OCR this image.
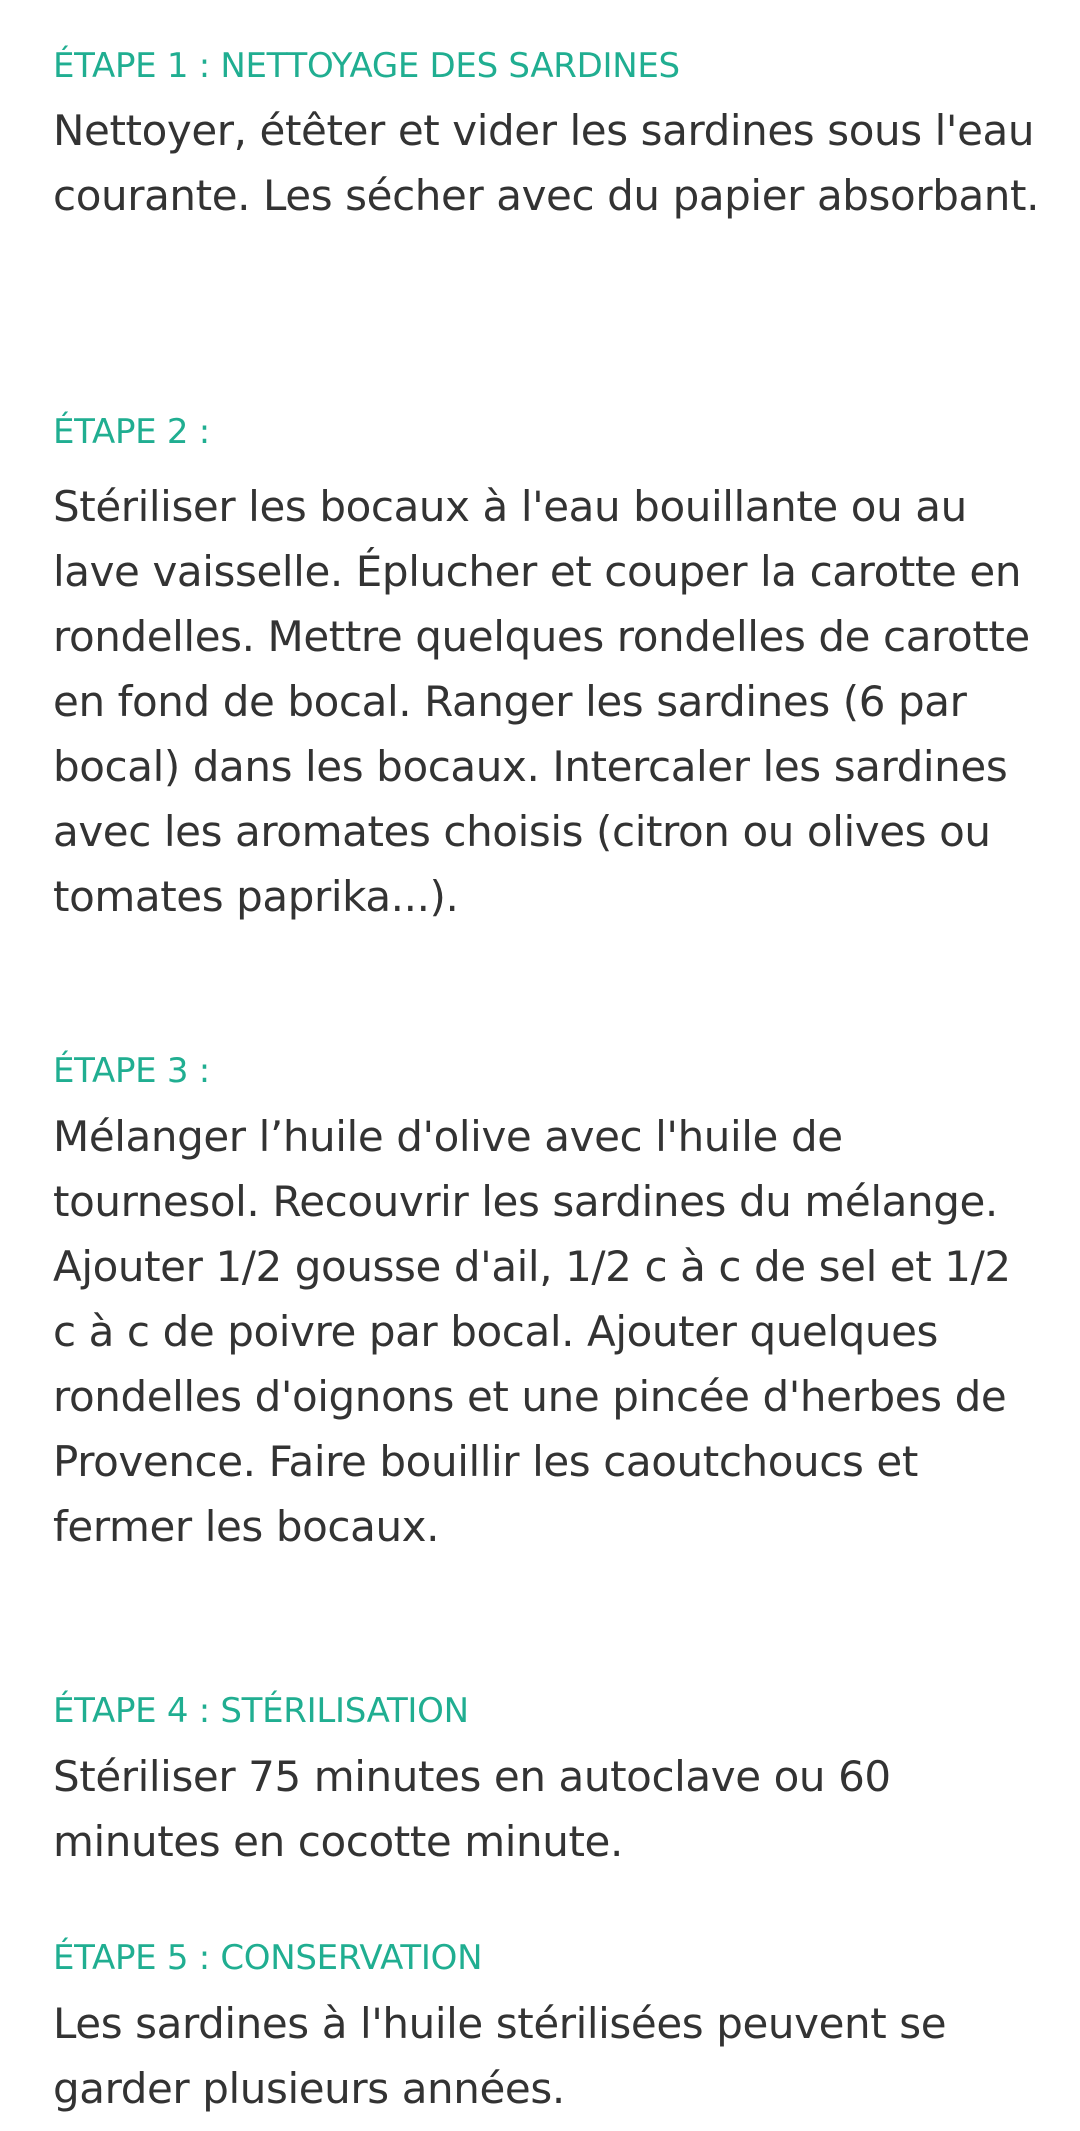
ÉTAPE 1 : NETTOYAGE DES SARDINES

Nettoyer, étêter et vider les sardines sous l'eau courante. Les sécher avec du papier absorbant.

ÉTAPE 2 :

Stériliser les bocaux à l'eau bouillante ou au lave vaisselle. Éplucher et couper la carotte en rondelles. Mettre quelques rondelles de carotte en fond de bocal. Ranger les sardines (6 par bocal) dans les bocaux. Intercaler les sardines avec les aromates choisis (citron ou olives ou tomates paprika...).

ÉTAPE 3 :

Mélanger l’huile d'olive avec l'huile de tournesol. Recouvrir les sardines du mélange. Ajouter 1/2 gousse d'ail, 1/2 c à c de sel et 1/2 c à c de poivre par bocal. Ajouter quelques rondelles d'oignons et une pincée d'herbes de Provence. Faire bouillir les caoutchoucs et fermer les bocaux.

ÉTAPE 4 : STÉRILISATION

Stériliser 75 minutes en autoclave ou 60 minutes en cocotte minute.

ÉTAPE 5 : CONSERVATION

Les sardines à l'huile stérilisées peuvent se garder plusieurs années.
